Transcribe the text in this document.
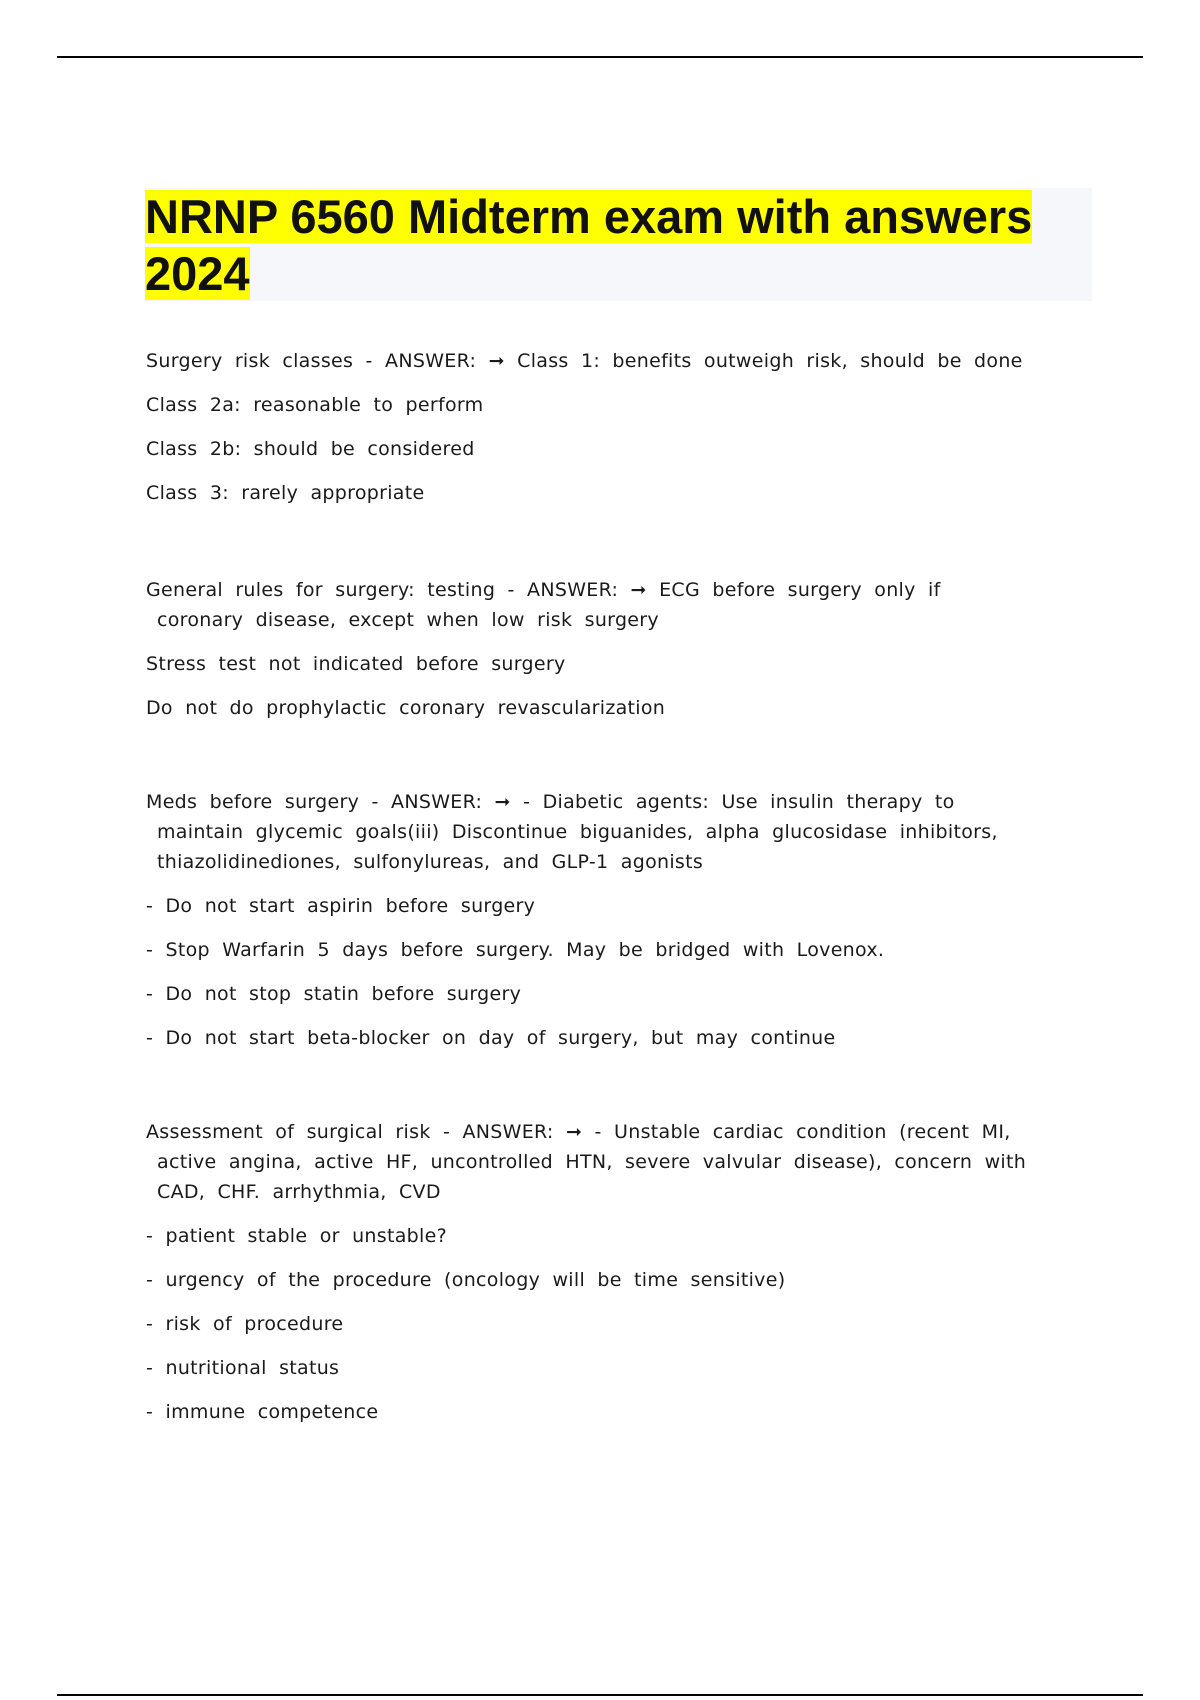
NRNP 6560 Midterm exam with answers 2024

Surgery risk classes - ANSWER: ➞ Class 1: benefits outweigh risk, should be done

Class 2a: reasonable to perform

Class 2b: should be considered

Class 3: rarely appropriate

General rules for surgery: testing - ANSWER: ➞ ECG before surgery only if

coronary disease, except when low risk surgery

Stress test not indicated before surgery

Do not do prophylactic coronary revascularization

Meds before surgery - ANSWER: ➞ - Diabetic agents: Use insulin therapy to

maintain glycemic goals(iii) Discontinue biguanides, alpha glucosidase inhibitors,

thiazolidinediones, sulfonylureas, and GLP-1 agonists

- Do not start aspirin before surgery

- Stop Warfarin 5 days before surgery. May be bridged with Lovenox.

- Do not stop statin before surgery

- Do not start beta-blocker on day of surgery, but may continue

Assessment of surgical risk - ANSWER: ➞ - Unstable cardiac condition (recent MI,

active angina, active HF, uncontrolled HTN, severe valvular disease), concern with

CAD, CHF. arrhythmia, CVD

- patient stable or unstable?

- urgency of the procedure (oncology will be time sensitive)

- risk of procedure

- nutritional status

- immune competence
